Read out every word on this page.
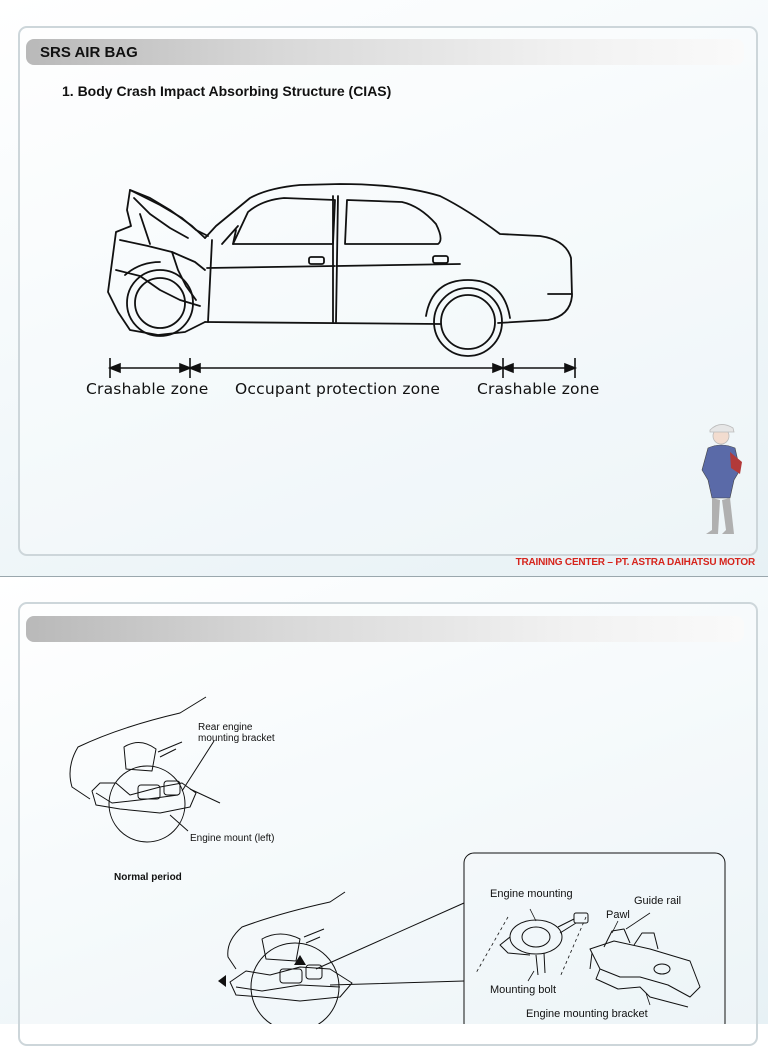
SRS AIR BAG
1. Body Crash Impact Absorbing Structure (CIAS)
Crashable zone Occupant protection zone Crashable zone
TRAINING CENTER – PT. ASTRA DAIHATSU MOTOR
Rear engine mounting bracket
Engine mount (left)
Normal period
Engine mounting
Guide rail
Pawl
Mounting bolt
Engine mounting bracket
